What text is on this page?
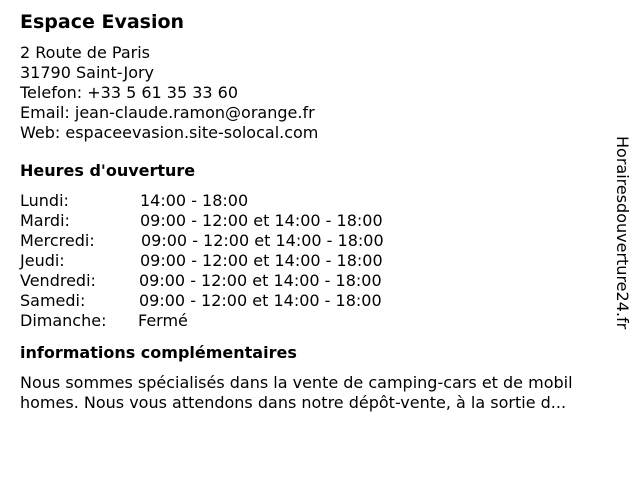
Espace Evasion
2 Route de Paris
31790 Saint-Jory
Telefon: +33 5 61 35 33 60
Email: jean-claude.ramon@orange.fr
Web: espaceevasion.site-solocal.com
Heures d'ouverture
Lundi:	14:00 - 18:00
Mardi:	09:00 - 12:00 et 14:00 - 18:00
Mercredi:	09:00 - 12:00 et 14:00 - 18:00
Jeudi:	09:00 - 12:00 et 14:00 - 18:00
Vendredi:	09:00 - 12:00 et 14:00 - 18:00
Samedi:	09:00 - 12:00 et 14:00 - 18:00
Dimanche: Fermé
informations complémentaires
Nous sommes spécialisés dans la vente de camping-cars et de mobil
homes. Nous vous attendons dans notre dépôt-vente, à la sortie d...
Horairesdouverture24.fr
